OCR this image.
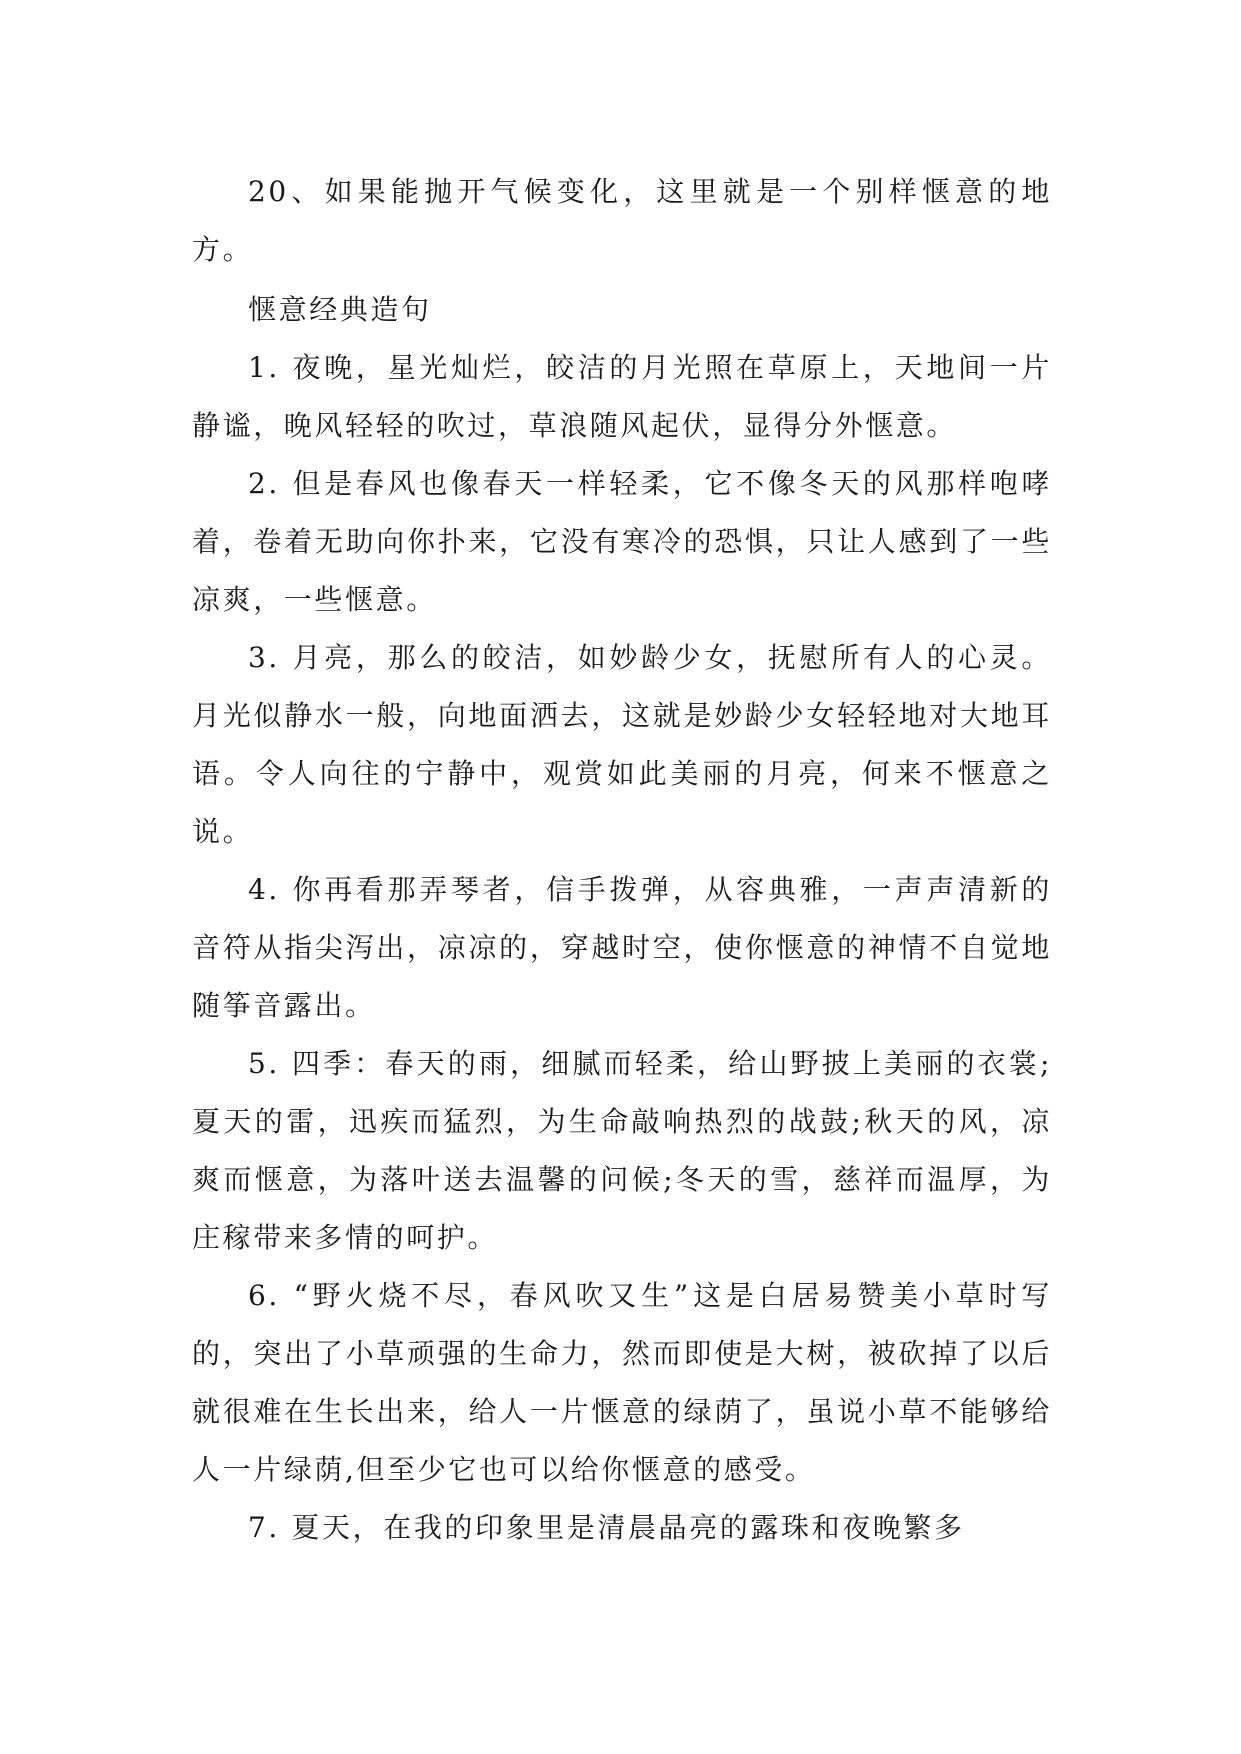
20、如果能抛开气候变化，这里就是一个别样惬意的地方。

惬意经典造句

1. 夜晚，星光灿烂，皎洁的月光照在草原上，天地间一片静谧，晚风轻轻的吹过，草浪随风起伏，显得分外惬意。

2. 但是春风也像春天一样轻柔，它不像冬天的风那样咆哮着，卷着无助向你扑来，它没有寒冷的恐惧，只让人感到了一些凉爽，一些惬意。

3. 月亮，那么的皎洁，如妙龄少女，抚慰所有人的心灵。月光似静水一般，向地面洒去，这就是妙龄少女轻轻地对大地耳语。令人向往的宁静中，观赏如此美丽的月亮，何来不惬意之说。

4. 你再看那弄琴者，信手拨弹，从容典雅，一声声清新的音符从指尖泻出，凉凉的，穿越时空，使你惬意的神情不自觉地随筝音露出。

5. 四季：春天的雨，细腻而轻柔，给山野披上美丽的衣裳;夏天的雷，迅疾而猛烈，为生命敲响热烈的战鼓;秋天的风，凉爽而惬意，为落叶送去温馨的问候;冬天的雪，慈祥而温厚，为庄稼带来多情的呵护。

6. “野火烧不尽，春风吹又生”这是白居易赞美小草时写的，突出了小草顽强的生命力，然而即使是大树，被砍掉了以后就很难在生长出来，给人一片惬意的绿荫了，虽说小草不能够给人一片绿荫,但至少它也可以给你惬意的感受。

7. 夏天，在我的印象里是清晨晶亮的露珠和夜晚繁多
